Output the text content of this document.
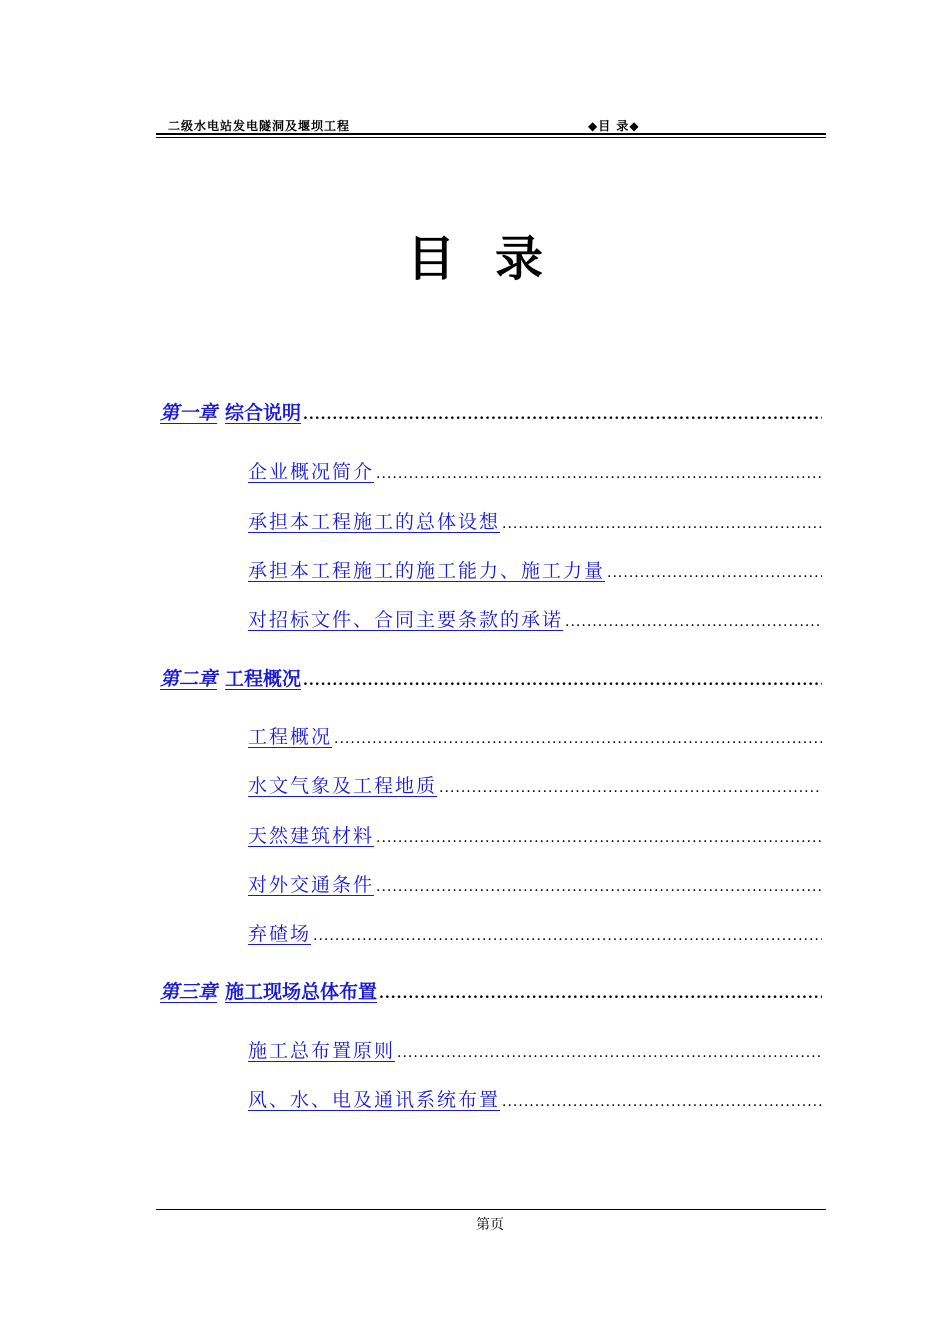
二级水电站发电隧洞及堰坝工程	◆目 录◆
目录
第一章 综合说明
.....
企业概况简介
.....
承担本工程施工的总体设想
.....
承担本工程施工的施工能力、施工力量
.....
对招标文件、合同主要条款的承诺
.....
第二章 工程概况
.....
工程概况
.....
水文气象及工程地质
.....
天然建筑材料
.....
对外交通条件
.....
弃碴场
.....
第三章 施工现场总体布置
.....
施工总布置原则
.....
风、水、电及通讯系统布置
.....
第页
